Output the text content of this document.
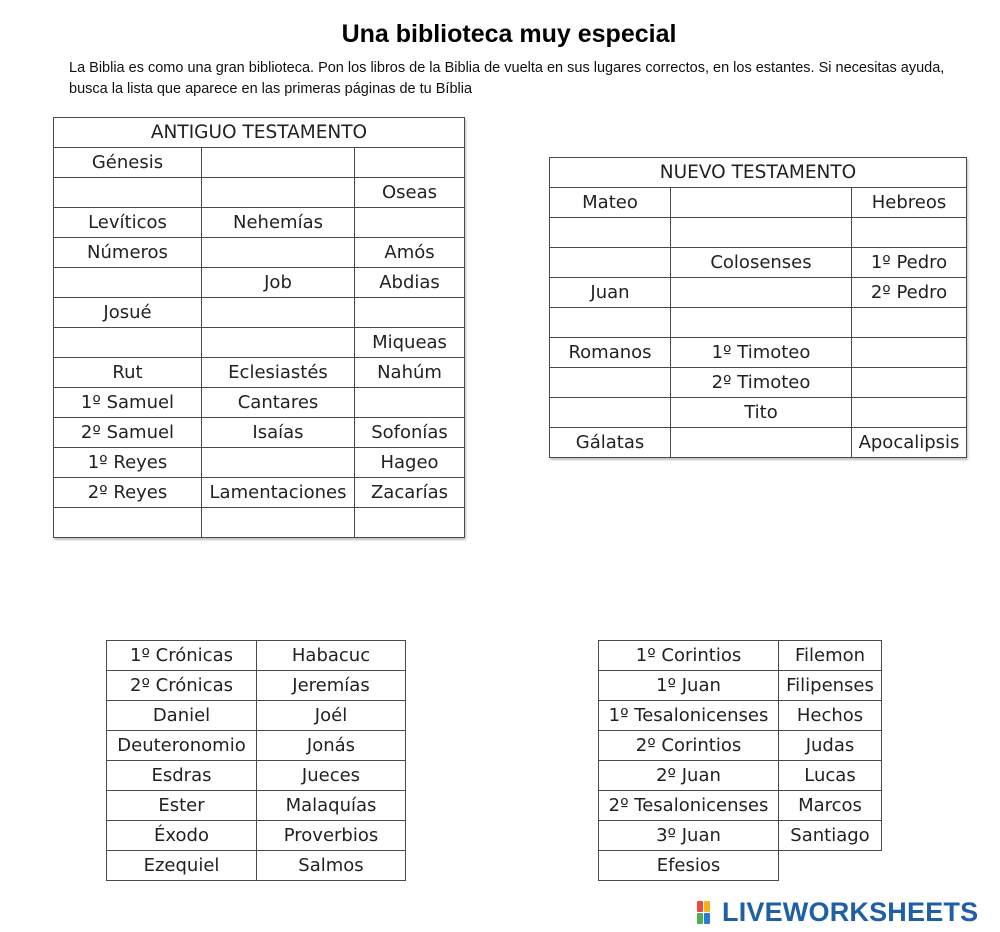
Una biblioteca muy especial
La Biblia es como una gran biblioteca. Pon los libros de la Biblia de vuelta en sus lugares correctos, en los estantes. Si necesitas ayuda, busca la lista que aparece en las primeras páginas de tu Bíblia
ANTIGUO TESTAMENTO		
Génesis		
		Oseas
Levíticos	Nehemías	
Números		Amós
	Job	Abdias
Josué		
		Miqueas
Rut	Eclesiastés	Nahúm
1º Samuel	Cantares	
2º Samuel	Isaías	Sofonías
1º Reyes		Hageo
2º Reyes	Lamentaciones	Zacarías

NUEVO TESTAMENTO		
Mateo		Hebreos

	Colosenses	1º Pedro
Juan		2º Pedro

Romanos	1º Timoteo	
	2º Timoteo	
	Tito	
Gálatas		Apocalipsis
1º Crónicas	Habacuc
2º Crónicas	Jeremías
Daniel	Joél
Deuteronomio	Jonás
Esdras	Jueces
Ester	Malaquías
Éxodo	Proverbios
Ezequiel	Salmos
1º Corintios	Filemon
1º Juan	Filipenses
1º Tesalonicenses	Hechos
2º Corintios	Judas
2º Juan	Lucas
2º Tesalonicenses	Marcos
3º Juan	Santiago
Efesios	
LIVEWORKSHEETS
